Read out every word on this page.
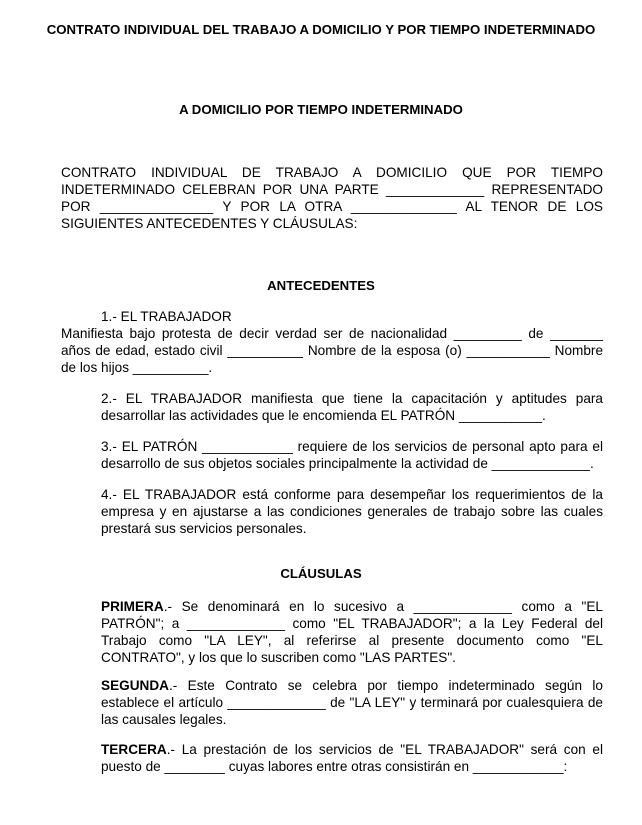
CONTRATO INDIVIDUAL DEL TRABAJO A DOMICILIO Y POR TIEMPO INDETERMINADO
A DOMICILIO POR TIEMPO INDETERMINADO
CONTRATO INDIVIDUAL DE TRABAJO A DOMICILIO QUE POR TIEMPO INDETERMINADO CELEBRAN POR UNA PARTE _____________ REPRESENTADO POR _______________ Y POR LA OTRA ______________ AL TENOR DE LOS SIGUIENTES ANTECEDENTES Y CLÁUSULAS:
ANTECEDENTES
1.- EL TRABAJADOR
Manifiesta bajo protesta de decir verdad ser de nacionalidad _________ de _______ años de edad, estado civil __________ Nombre de la esposa (o) ___________ Nombre de los hijos __________.
2.- EL TRABAJADOR manifiesta que tiene la capacitación y aptitudes para desarrollar las actividades que le encomienda EL PATRÓN ___________.
3.- EL PATRÓN ____________ requiere de los servicios de personal apto para el desarrollo de sus objetos sociales principalmente la actividad de _____________.
4.- EL TRABAJADOR está conforme para desempeñar los requerimientos de la empresa y en ajustarse a las condiciones generales de trabajo sobre las cuales prestará sus servicios personales.
CLÁUSULAS
PRIMERA.- Se denominará en lo sucesivo a _____________ como a "EL PATRÓN"; a _____________ como "EL TRABAJADOR"; a la Ley Federal del Trabajo como "LA LEY", al referirse al presente documento como "EL CONTRATO", y los que lo suscriben como "LAS PARTES".
SEGUNDA.- Este Contrato se celebra por tiempo indeterminado según lo establece el artículo _____________ de "LA LEY" y terminará por cualesquiera de las causales legales.
TERCERA.- La prestación de los servicios de "EL TRABAJADOR" será con el puesto de ________ cuyas labores entre otras consistirán en ____________:
